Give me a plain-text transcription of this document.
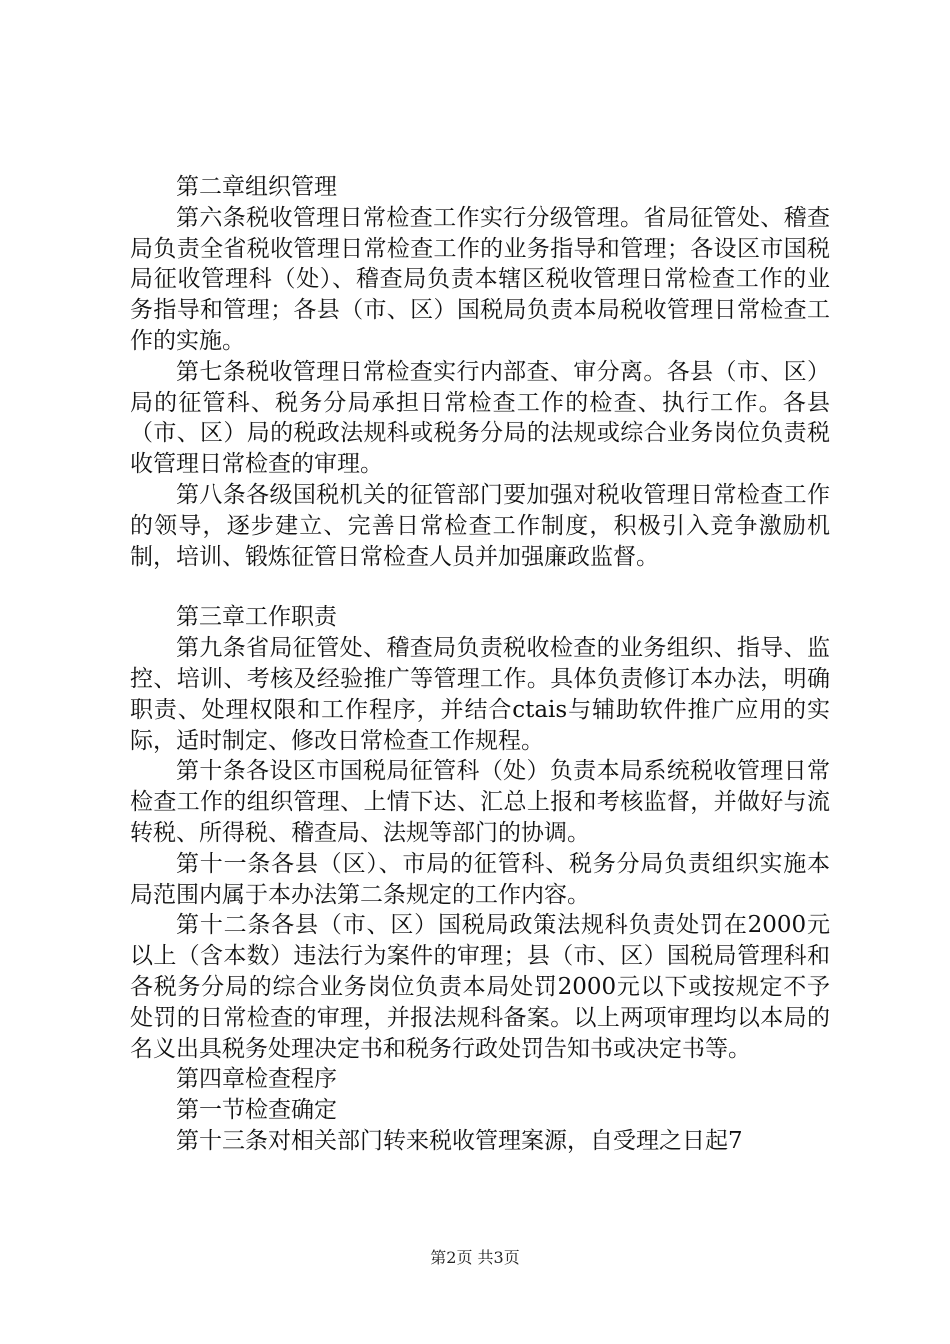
第二章组织管理

第六条税收管理日常检查工作实行分级管理。省局征管处、稽查局负责全省税收管理日常检查工作的业务指导和管理；各设区市国税局征收管理科（处）、稽查局负责本辖区税收管理日常检查工作的业务指导和管理；各县（市、区）国税局负责本局税收管理日常检查工作的实施。

第七条税收管理日常检查实行内部查、审分离。各县（市、区）局的征管科、税务分局承担日常检查工作的检查、执行工作。各县（市、区）局的税政法规科或税务分局的法规或综合业务岗位负责税收管理日常检查的审理。

第八条各级国税机关的征管部门要加强对税收管理日常检查工作的领导，逐步建立、完善日常检查工作制度，积极引入竞争激励机制，培训、锻炼征管日常检查人员并加强廉政监督。

第三章工作职责

第九条省局征管处、稽查局负责税收检查的业务组织、指导、监控、培训、考核及经验推广等管理工作。具体负责修订本办法，明确职责、处理权限和工作程序，并结合ctais与辅助软件推广应用的实际，适时制定、修改日常检查工作规程。

第十条各设区市国税局征管科（处）负责本局系统税收管理日常检查工作的组织管理、上情下达、汇总上报和考核监督，并做好与流转税、所得税、稽查局、法规等部门的协调。

第十一条各县（区）、市局的征管科、税务分局负责组织实施本局范围内属于本办法第二条规定的工作内容。

第十二条各县（市、区）国税局政策法规科负责处罚在2000元以上（含本数）违法行为案件的审理；县（市、区）国税局管理科和各税务分局的综合业务岗位负责本局处罚2000元以下或按规定不予处罚的日常检查的审理，并报法规科备案。以上两项审理均以本局的名义出具税务处理决定书和税务行政处罚告知书或决定书等。

第四章检查程序

第一节检查确定

第十三条对相关部门转来税收管理案源，自受理之日起7

第2页 共3页
